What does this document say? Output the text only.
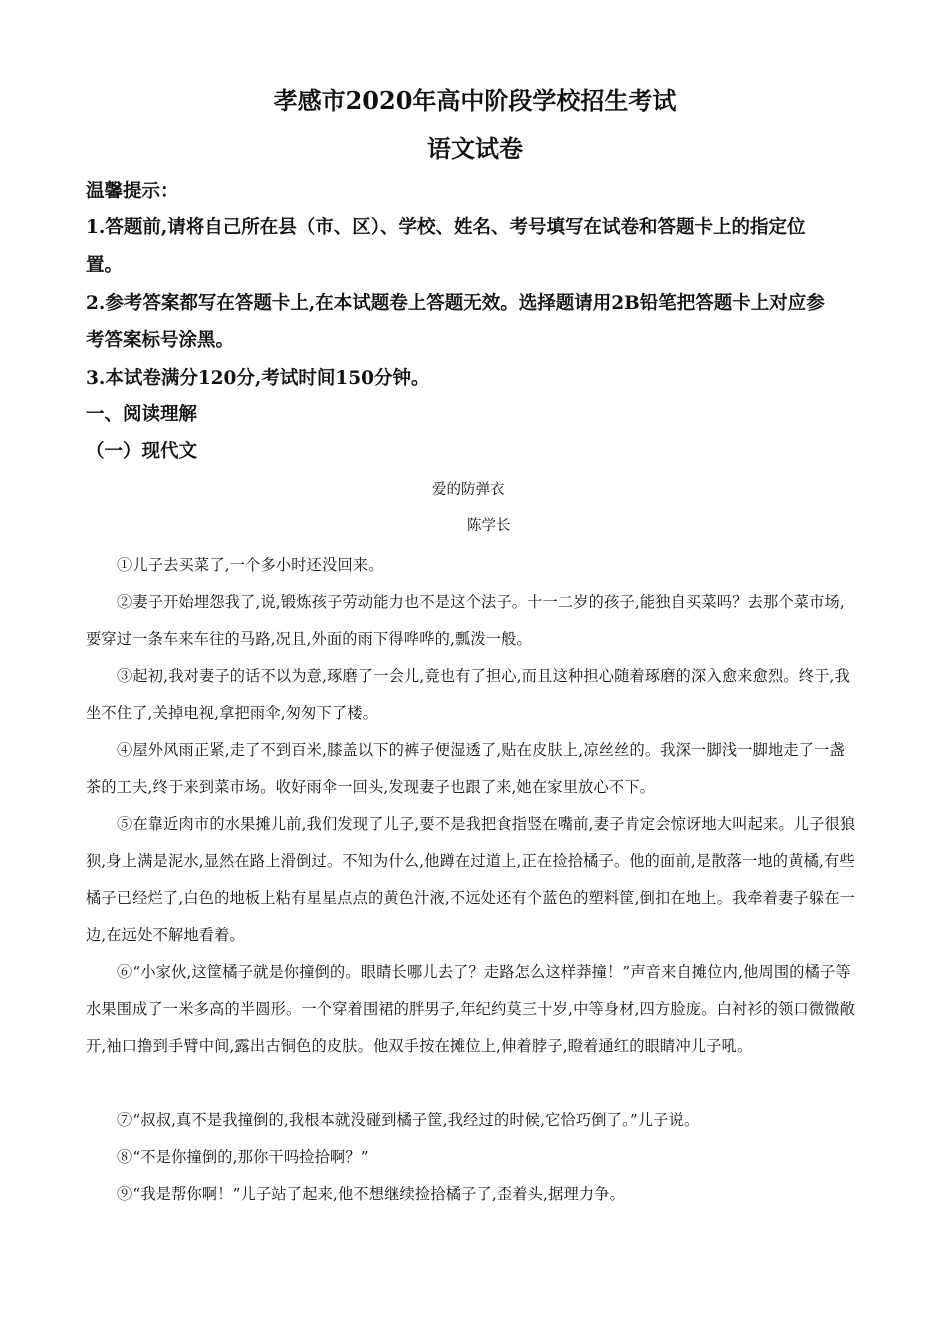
孝感市2020年高中阶段学校招生考试
语文试卷

温馨提示：

1.答题前,请将自己所在县（市、区）、学校、姓名、考号填写在试卷和答题卡上的指定位

置。

2.参考答案都写在答题卡上,在本试题卷上答题无效。选择题请用2B铅笔把答题卡上对应参

考答案标号涂黑。

3.本试卷满分120分,考试时间150分钟。

一、阅读理解

（一）现代文

爱的防弹衣

陈学长

①儿子去买菜了,一个多小时还没回来。

②妻子开始埋怨我了,说,锻炼孩子劳动能力也不是这个法子。十一二岁的孩子,能独自买菜吗？去那个菜市场,要穿过一条车来车往的马路,况且,外面的雨下得哗哗的,瓢泼一般。

③起初,我对妻子的话不以为意,琢磨了一会儿,竟也有了担心,而且这种担心随着琢磨的深入愈来愈烈。终于,我坐不住了,关掉电视,拿把雨伞,匆匆下了楼。

④屋外风雨正紧,走了不到百米,膝盖以下的裤子便湿透了,贴在皮肤上,凉丝丝的。我深一脚浅一脚地走了一盏茶的工夫,终于来到菜市场。收好雨伞一回头,发现妻子也跟了来,她在家里放心不下。

⑤在靠近肉市的水果摊儿前,我们发现了儿子,要不是我把食指竖在嘴前,妻子肯定会惊讶地大叫起来。儿子很狼狈,身上满是泥水,显然在路上滑倒过。不知为什么,他蹲在过道上,正在捡拾橘子。他的面前,是散落一地的黄橘,有些橘子已经烂了,白色的地板上粘有星星点点的黄色汁液,不远处还有个蓝色的塑料筐,倒扣在地上。我牵着妻子躲在一边,在远处不解地看着。

⑥“小家伙,这筐橘子就是你撞倒的。眼睛长哪儿去了？走路怎么这样莽撞！”声音来自摊位内,他周围的橘子等水果围成了一米多高的半圆形。一个穿着围裙的胖男子,年纪约莫三十岁,中等身材,四方脸庞。白衬衫的领口微微敞开,袖口撸到手臂中间,露出古铜色的皮肤。他双手按在摊位上,伸着脖子,瞪着通红的眼睛冲儿子吼。

⑦“叔叔,真不是我撞倒的,我根本就没碰到橘子筐,我经过的时候,它恰巧倒了。”儿子说。

⑧“不是你撞倒的,那你干吗捡拾啊？”

⑨“我是帮你啊！”儿子站了起来,他不想继续捡拾橘子了,歪着头,据理力争。
